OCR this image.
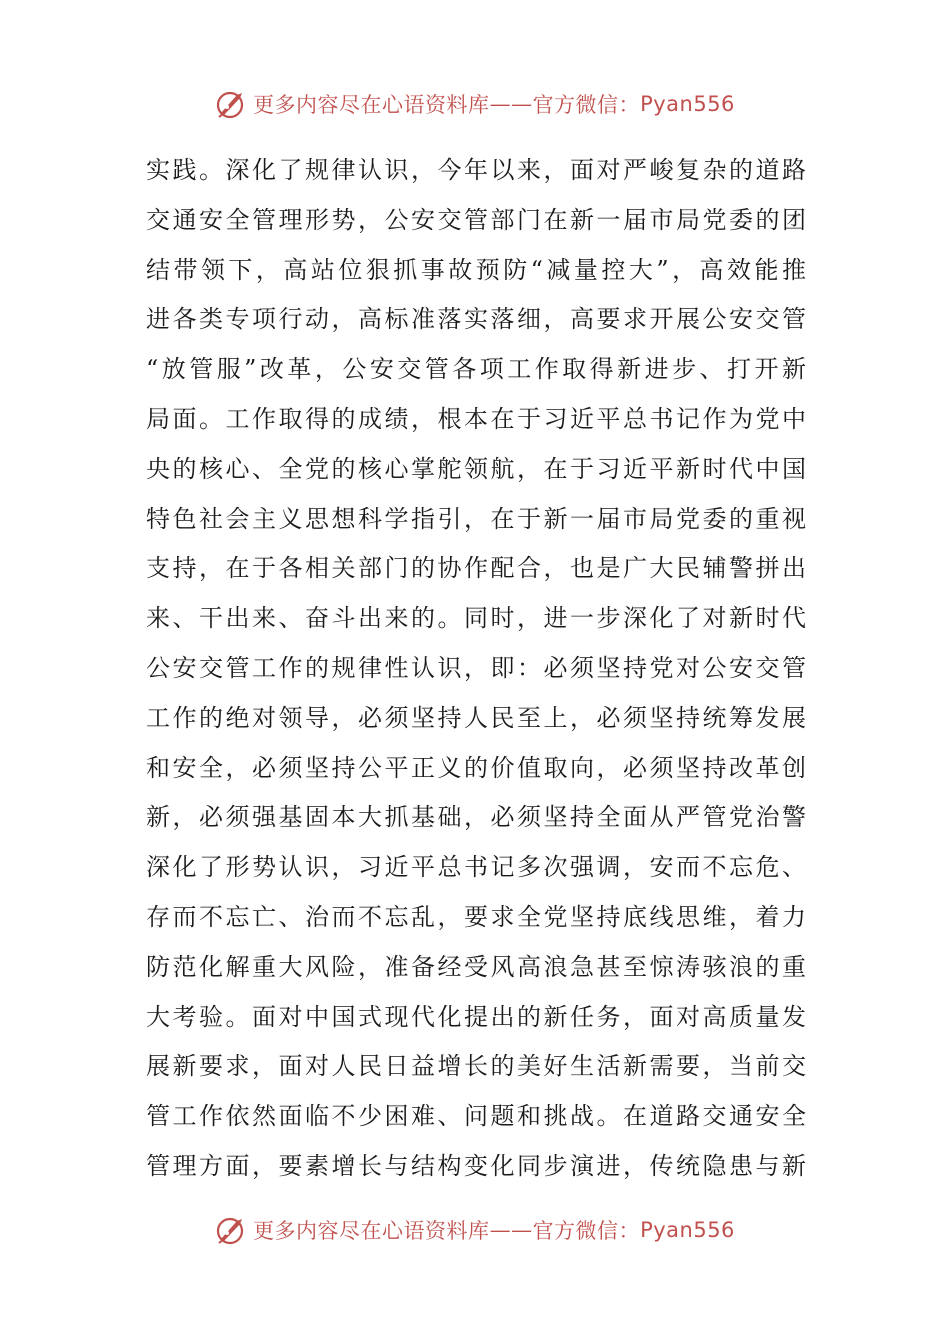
更多内容尽在心语资料库 —— 官方微信： Pyan556
实践。深化了规律认识，今年以来，面对严峻复杂的道路
交通安全管理形势，公安交管部门在新一届市局党委的团
结带领下，高站位狠抓事故预防“减量控大”，高效能推
进各类专项行动，高标准落实落细，高要求开展公安交管
“放管服”改革，公安交管各项工作取得新进步、打开新
局面。工作取得的成绩，根本在于习近平总书记作为党中
央的核心、全党的核心掌舵领航，在于习近平新时代中国
特色社会主义思想科学指引，在于新一届市局党委的重视
支持，在于各相关部门的协作配合，也是广大民辅警拼出
来、干出来、奋斗出来的。同时，进一步深化了对新时代
公安交管工作的规律性认识，即：必须坚持党对公安交管
工作的绝对领导，必须坚持人民至上，必须坚持统筹发展
和安全，必须坚持公平正义的价值取向，必须坚持改革创
新，必须强基固本大抓基础，必须坚持全面从严管党治警
深化了形势认识，习近平总书记多次强调，安而不忘危、
存而不忘亡、治而不忘乱，要求全党坚持底线思维，着力
防范化解重大风险，准备经受风高浪急甚至惊涛骇浪的重
大考验。面对中国式现代化提出的新任务，面对高质量发
展新要求，面对人民日益增长的美好生活新需要，当前交
管工作依然面临不少困难、问题和挑战。在道路交通安全
管理方面，要素增长与结构变化同步演进，传统隐患与新
更多内容尽在心语资料库 —— 官方微信： Pyan556
